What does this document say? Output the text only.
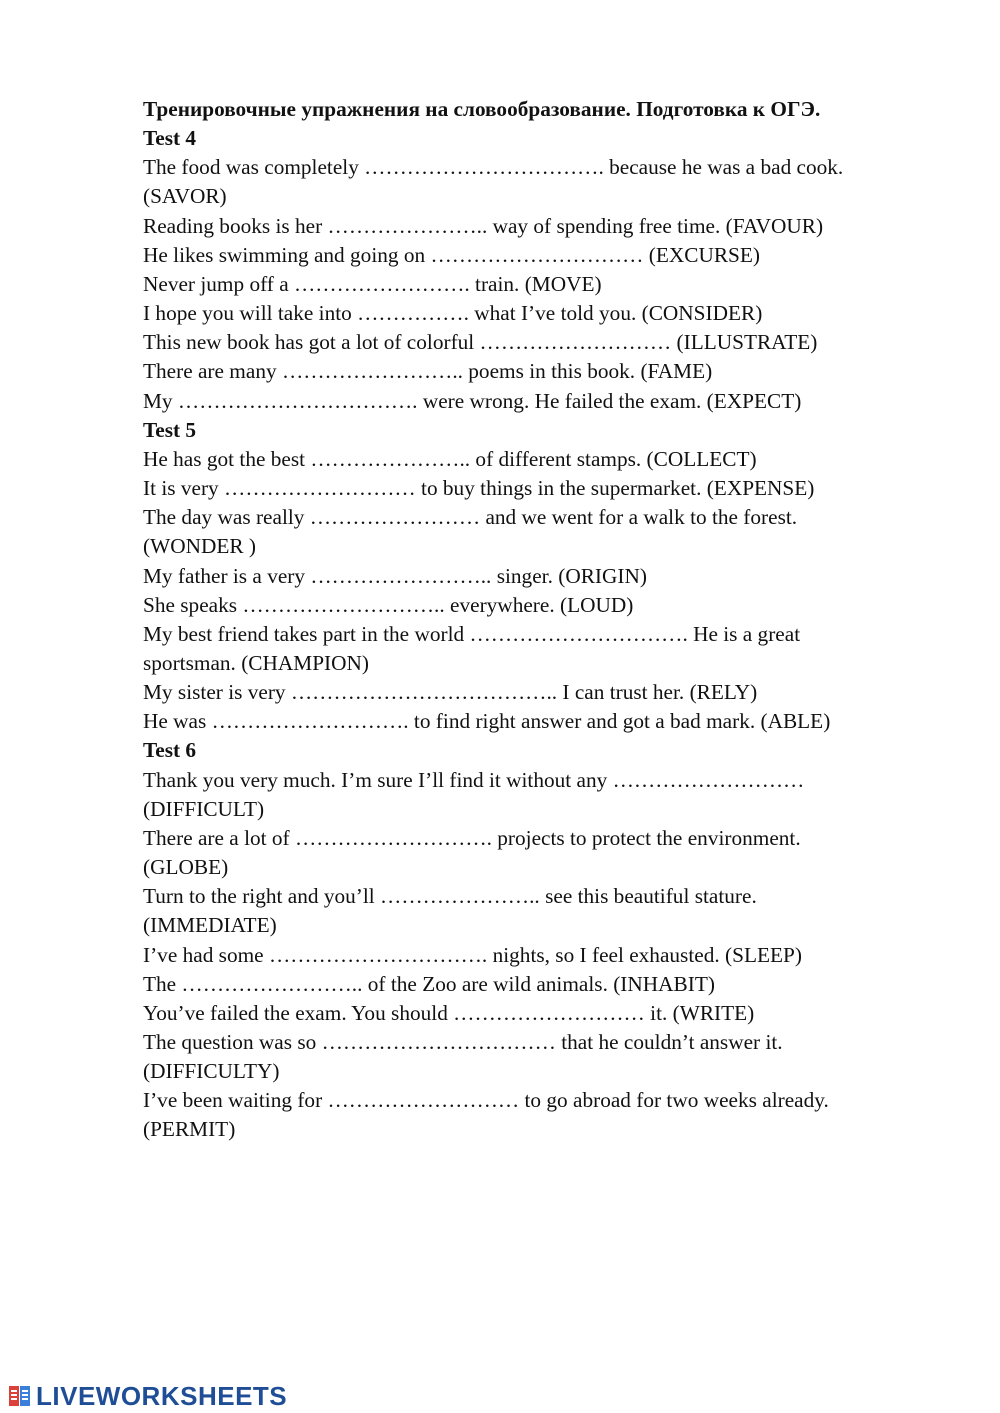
Тренировочные упражнения на словообразование. Подготовка к ОГЭ.
Test 4
The food was completely ……………………………. because he was a bad cook.
(SAVOR)
Reading books is her ………………….. way of spending free time. (FAVOUR)
He likes swimming and going on ………………………… (EXCURSE)
Never jump off a ……………………. train. (MOVE)
I hope you will take into ……………. what I’ve told you. (CONSIDER)
This new book has got a lot of colorful ……………………… (ILLUSTRATE)
There are many …………………….. poems in this book. (FAME)
My ……………………………. were wrong. He failed the exam. (EXPECT)
Test 5
He has got the best ………………….. of different stamps. (COLLECT)
It is very ……………………… to buy things in the supermarket. (EXPENSE)
The day was really …………………… and we went for a walk to the forest.
(WONDER )
My father is a very …………………….. singer. (ORIGIN)
She speaks ……………………….. everywhere. (LOUD)
My best friend takes part in the world …………………………. He is a great
sportsman. (CHAMPION)
My sister is very ……………………………….. I can trust her. (RELY)
He was ………………………. to find right answer and got a bad mark. (ABLE)
Test 6
Thank you very much. I’m sure I’ll find it without any ………………………
(DIFFICULT)
There are a lot of ………………………. projects to protect the environment.
(GLOBE)
Turn to the right and you’ll ………………….. see this beautiful stature.
(IMMEDIATE)
I’ve had some …………………………. nights, so I feel exhausted. (SLEEP)
The …………………….. of the Zoo are wild animals. (INHABIT)
You’ve failed the exam. You should ……………………… it. (WRITE)
The question was so …………………………… that he couldn’t answer it.
(DIFFICULTY)
I’ve been waiting for ……………………… to go abroad for two weeks already.
(PERMIT)
LIVEWORKSHEETS
